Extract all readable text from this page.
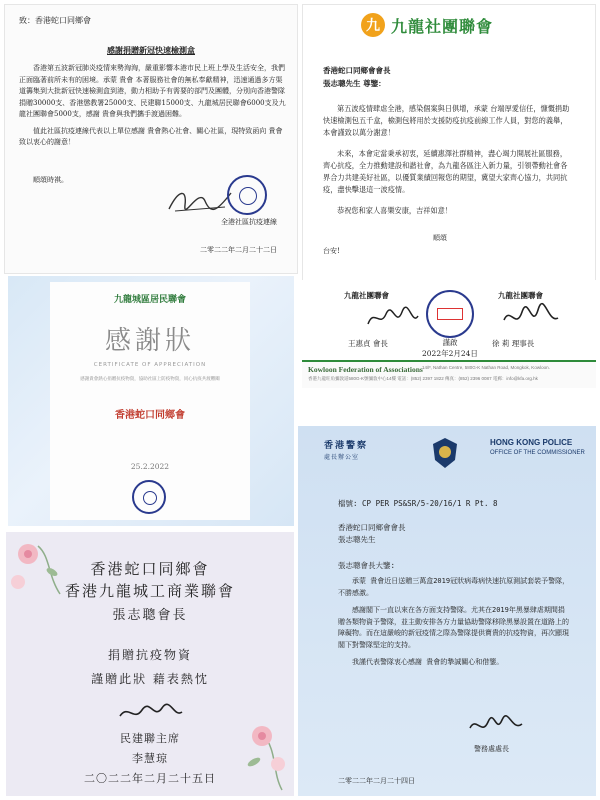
致：香港蛇口同鄉會
感謝捐贈新冠快速檢測盒

香港第五波新冠肺炎疫情來勢洶洶，嚴重影響本港市民上班上學及生活安全，我們正面臨著前所未有的困境。承蒙 貴會 本著服務社會的無私奉獻精神，迅速通過多方渠道籌集到大批新冠快速檢測盒到港，動力相助予有需要的部門及團體，分別向香港警隊捐贈30000支、香港懲教署25000支、民建聯15000支、九龍城居民聯會6000支及九龍社團聯會5000支，感謝 貴會與我們攜手渡過困難。

值此社區抗疫連線代表以上單位感謝 貴會熱心社會、關心社區，現特致函向 貴會致以衷心的謝意！

順頌時祺。
全港社區抗疫連線
二零二二年二月二十二日
九 九龍社團聯會
香港蛇口同鄉會會長
張志聰先生 尊鑒：

第五波疫情肆虐全港，感染個案與日俱增，承蒙 台端厚愛信任，慷慨捐助快速檢測包五千盒，檢測包將用於支援防疫抗疫前線工作人員，對您的義舉，本會謹致以萬分謝意！

未來，本會定當秉承初衷，延續惠澤社群精神，盡心竭力開展社區服務，齊心抗疫，全力推動建設和諧社會，為九龍各區注入新力量，引領帶動社會各界合力共建美好社區，以優質業績回報您的期望，冀望大家齊心協力，共同抗疫，盡快擊退這一波疫情。

恭祝您和家人喜樂安康，吉祥如意！

順頌
台安!
九龍城區居民聯會
感謝狀
CERTIFICATE OF APPRECIATION
感謝貴會熱心捐贈抗疫物資，協助社區上防疫物資，同心抗疫共渡難關
香港蛇口同鄉會
25.2.2022
九龍社團聯會	九龍社團聯會
王惠貞 會長	謹啟
2022年2月24日
徐 莉 理事長
Kowloon Federation of Associations 14/F, Nathan Centre, 580G-K Nathan Road, Mongkok, Kowloon.
香港九龍旺角彌敦道580G-K號彌敦中心14樓 電話：(852) 2397 1822 傳真：(852) 2396 0087 電郵：info@kfa.org.hk
香港警察
處長辦公室
HONG KONG POLICE
OFFICE OF THE COMMISSIONER
檔號: CP PER PS&SR/5-20/16/1 R Pt. 8
香港蛇口同鄉會會長
張志聰先生
張志聰會長大鑒:

承蒙 貴會近日送贈三萬盒2019冠狀病毒病快速抗原測試套裝予警隊，不勝感激。

感謝閣下一直以來在各方面支持警隊。尤其在2019年黑暴肆虐期間捐贈各類物資予警隊，並主動安排各方力量協助警隊移除黑暴設置在道路上的障礙物。而在這嚴峻的新冠疫情之際為警隊提供寶貴的抗疫物資，再次顯現閣下對警隊堅定的支持。

我謹代表警隊衷心感謝 貴會的摯誠關心和借鑒。

警務處處長
二零二二年二月二十四日
香港蛇口同鄉會
香港九龍城工商業聯會
張志聰會長
捐贈抗疫物資
謹贈此狀 藉表熱忱
民建聯主席
李慧琼
二〇二二年二月二十五日
